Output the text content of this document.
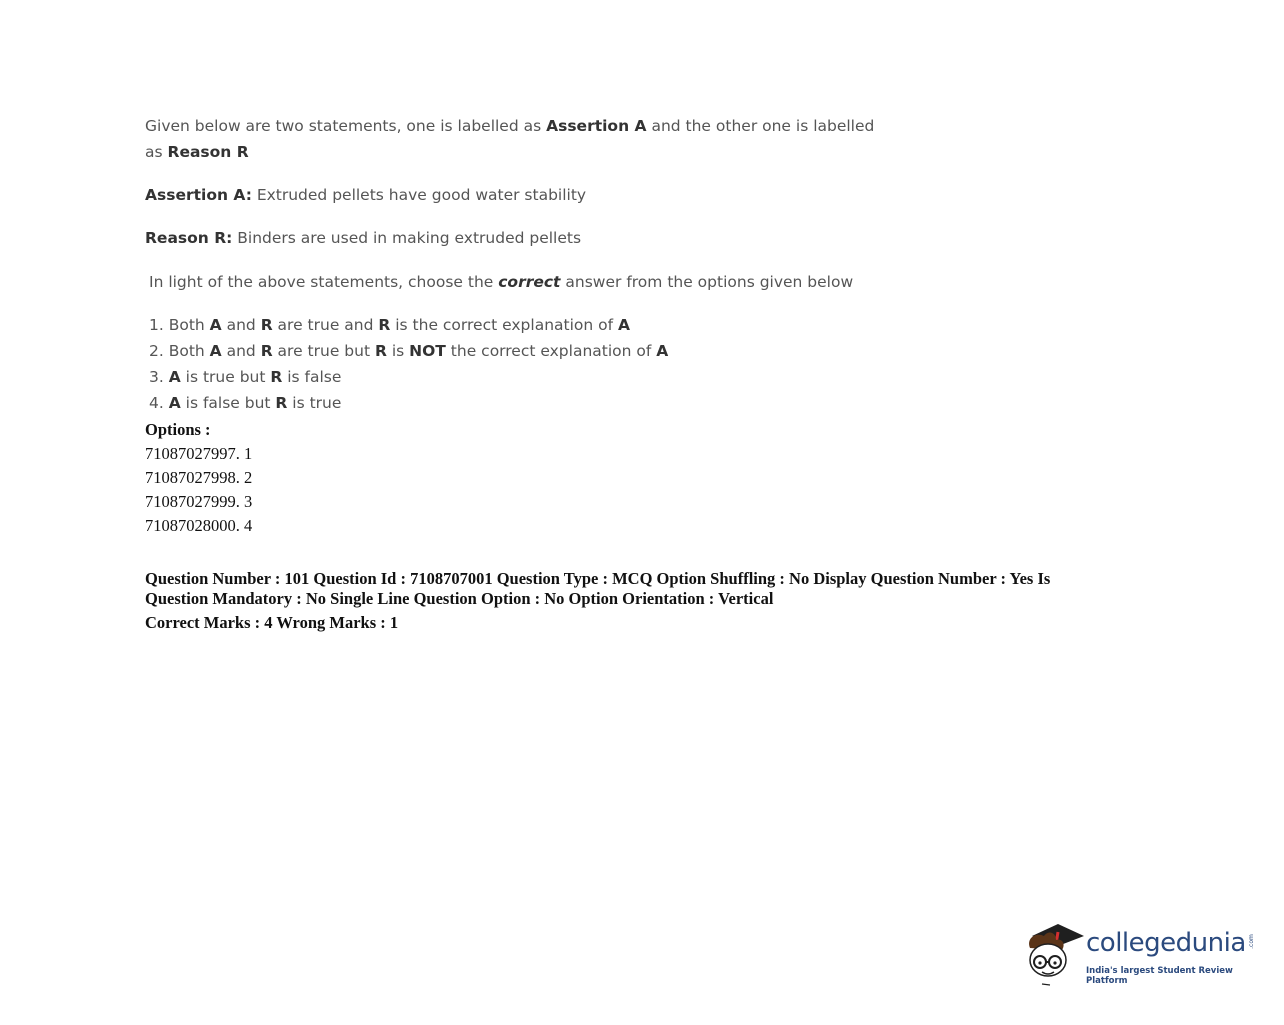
Given below are two statements, one is labelled as Assertion A and the other one is labelled
as Reason R
Assertion A: Extruded pellets have good water stability
Reason R: Binders are used in making extruded pellets
In light of the above statements, choose the correct answer from the options given below
1. Both A and R are true and R is the correct explanation of A
2. Both A and R are true but R is NOT the correct explanation of A
3. A is true but R is false
4. A is false but R is true
Options :
71087027997. 1
71087027998. 2
71087027999. 3
71087028000. 4
Question Number : 101 Question Id : 7108707001 Question Type : MCQ Option Shuffling : No Display Question Number : Yes Is
Question Mandatory : No Single Line Question Option : No Option Orientation : Vertical
Correct Marks : 4 Wrong Marks : 1
collegedunia .com
India's largest Student Review Platform
